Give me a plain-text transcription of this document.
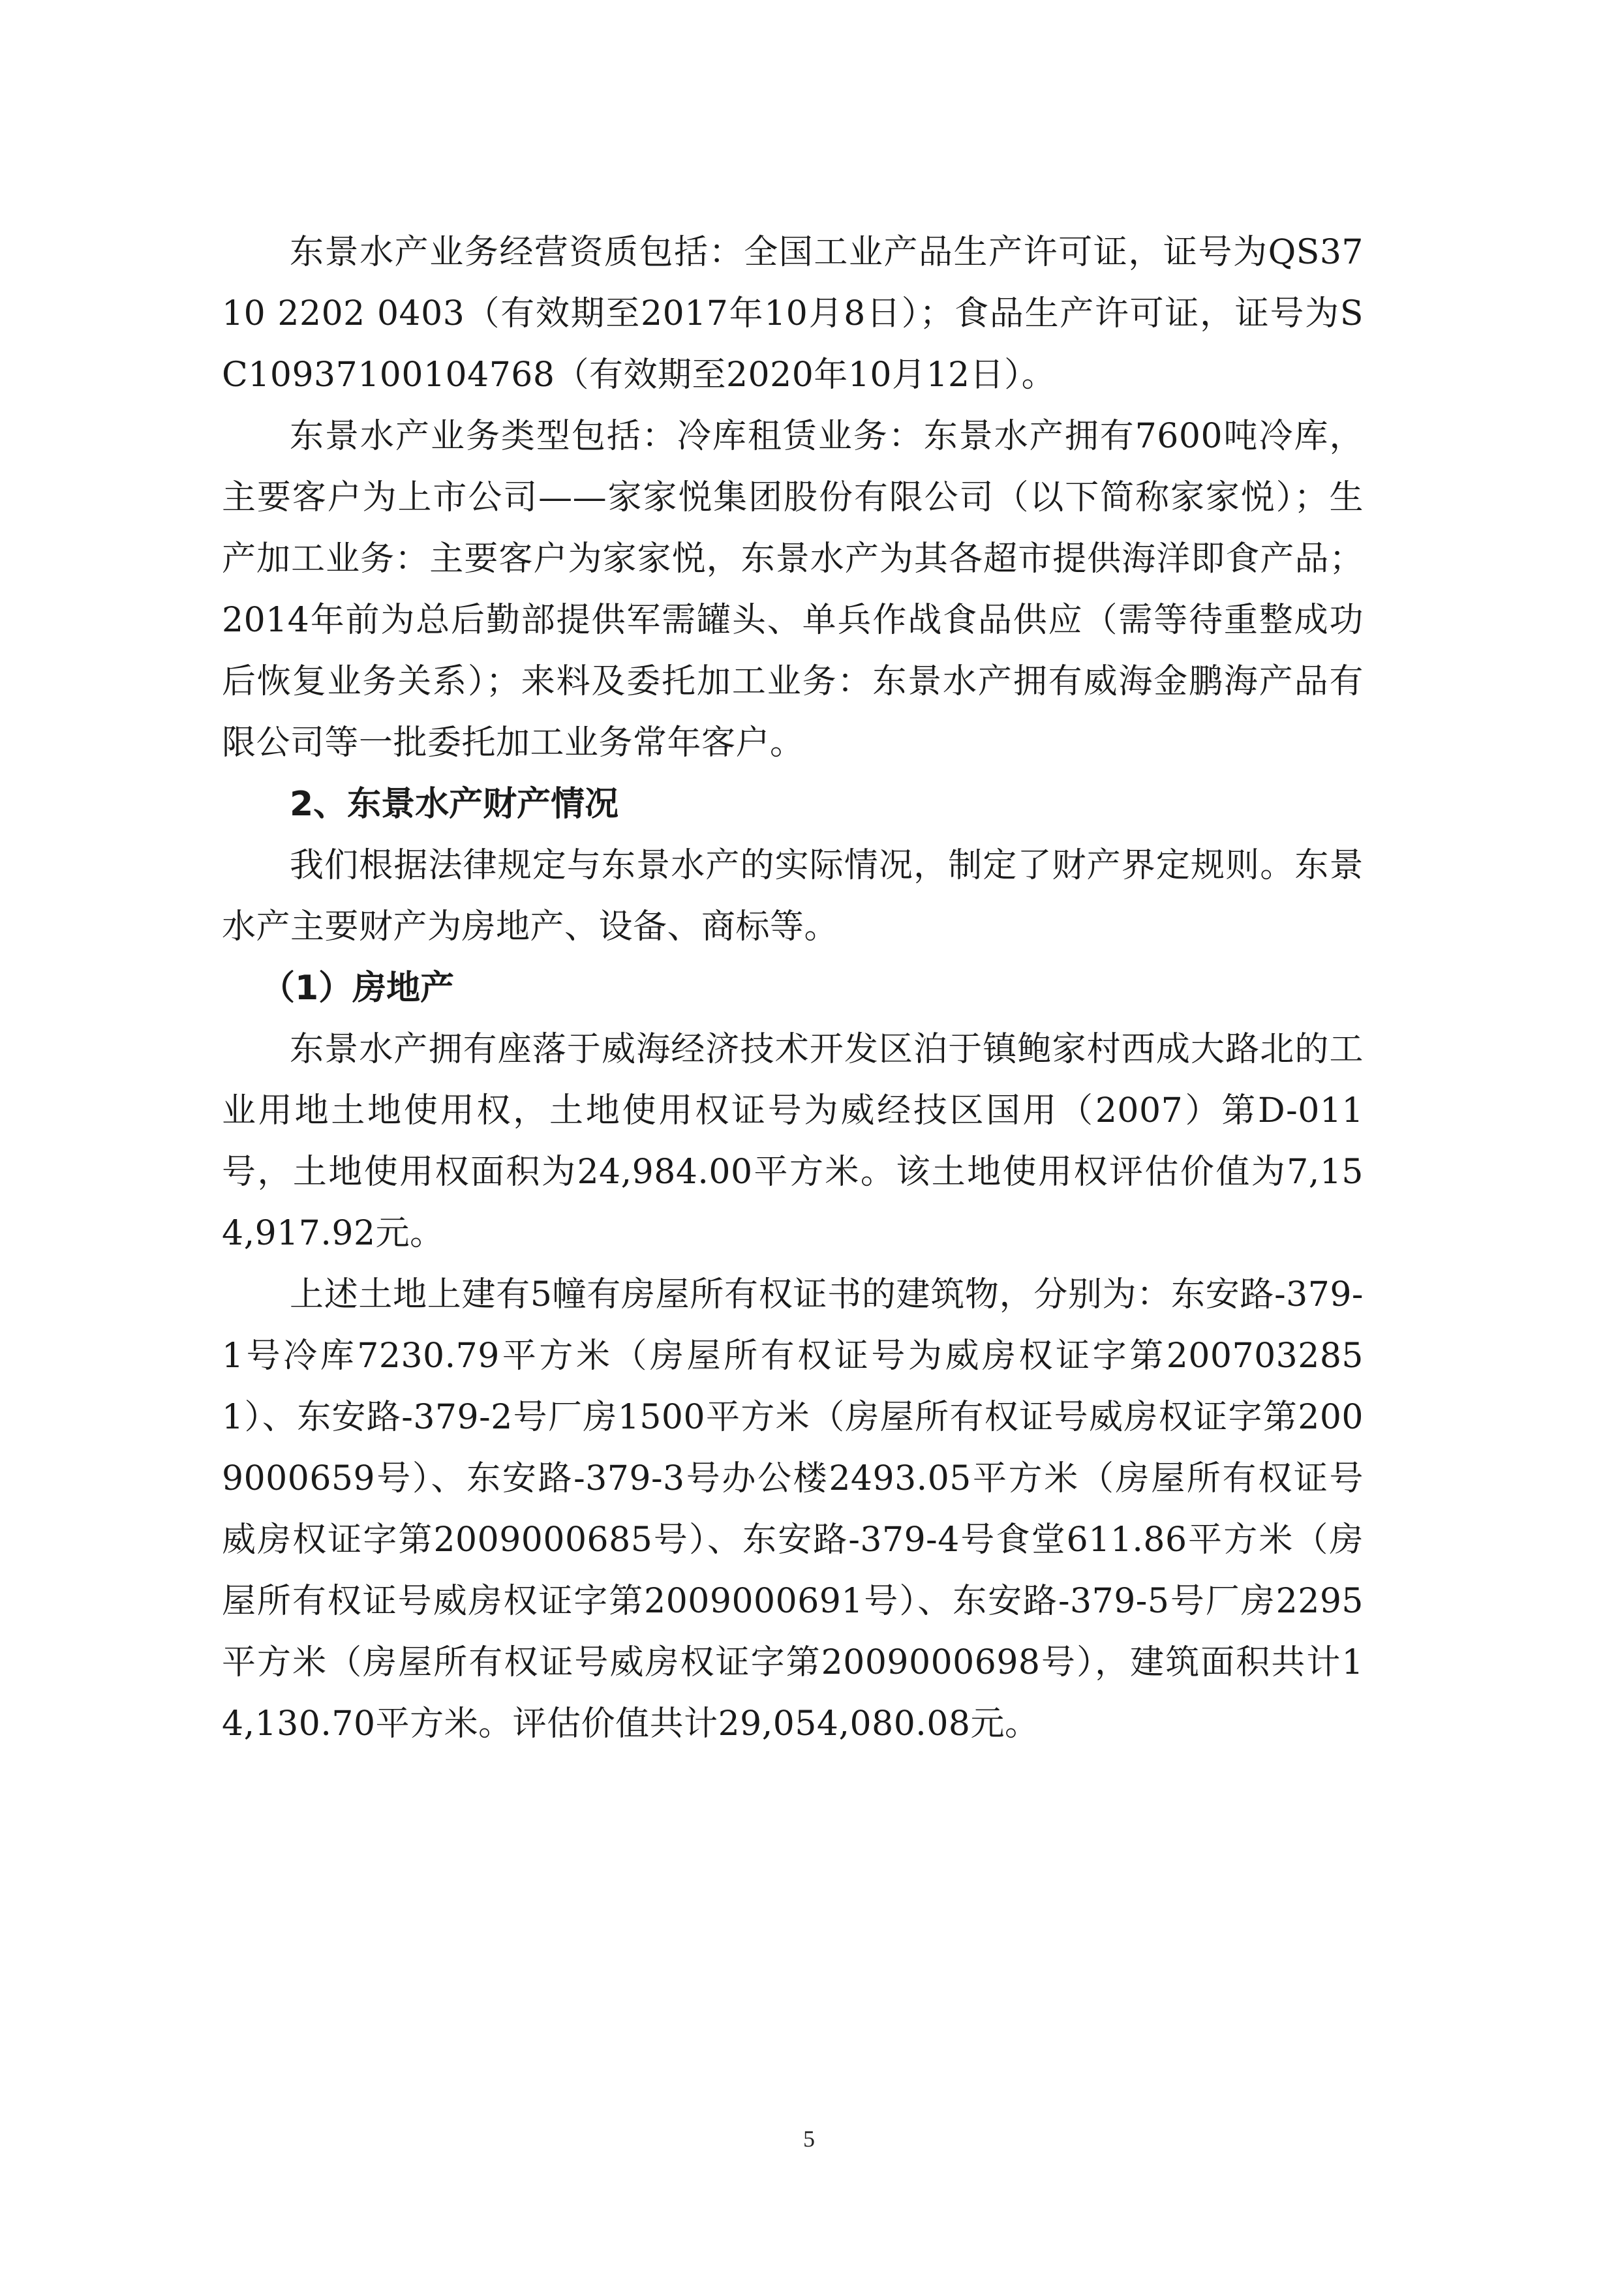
东景水产业务经营资质包括：全国工业产品生产许可证，证号为QS3710 2202 0403（有效期至2017年10月8日）；食品生产许可证，证号为SC10937100104768（有效期至2020年10月12日）。

东景水产业务类型包括：冷库租赁业务：东景水产拥有7600吨冷库，主要客户为上市公司——家家悦集团股份有限公司（以下简称家家悦）；生产加工业务：主要客户为家家悦，东景水产为其各超市提供海洋即食产品；2014年前为总后勤部提供军需罐头、单兵作战食品供应（需等待重整成功后恢复业务关系）；来料及委托加工业务：东景水产拥有威海金鹏海产品有限公司等一批委托加工业务常年客户。

2、东景水产财产情况

我们根据法律规定与东景水产的实际情况，制定了财产界定规则。东景水产主要财产为房地产、设备、商标等。

（1）房地产

东景水产拥有座落于威海经济技术开发区泊于镇鲍家村西成大路北的工业用地土地使用权，土地使用权证号为威经技区国用（2007）第D-011号，土地使用权面积为24,984.00平方米。该土地使用权评估价值为7,154,917.92元。

上述土地上建有5幢有房屋所有权证书的建筑物，分别为：东安路-379-1号冷库7230.79平方米（房屋所有权证号为威房权证字第2007032851）、东安路-379-2号厂房1500平方米（房屋所有权证号威房权证字第2009000659号）、东安路-379-3号办公楼2493.05平方米（房屋所有权证号威房权证字第2009000685号）、东安路-379-4号食堂611.86平方米（房屋所有权证号威房权证字第2009000691号）、东安路-379-5号厂房2295平方米（房屋所有权证号威房权证字第2009000698号），建筑面积共计14,130.70平方米。评估价值共计29,054,080.08元。

5
